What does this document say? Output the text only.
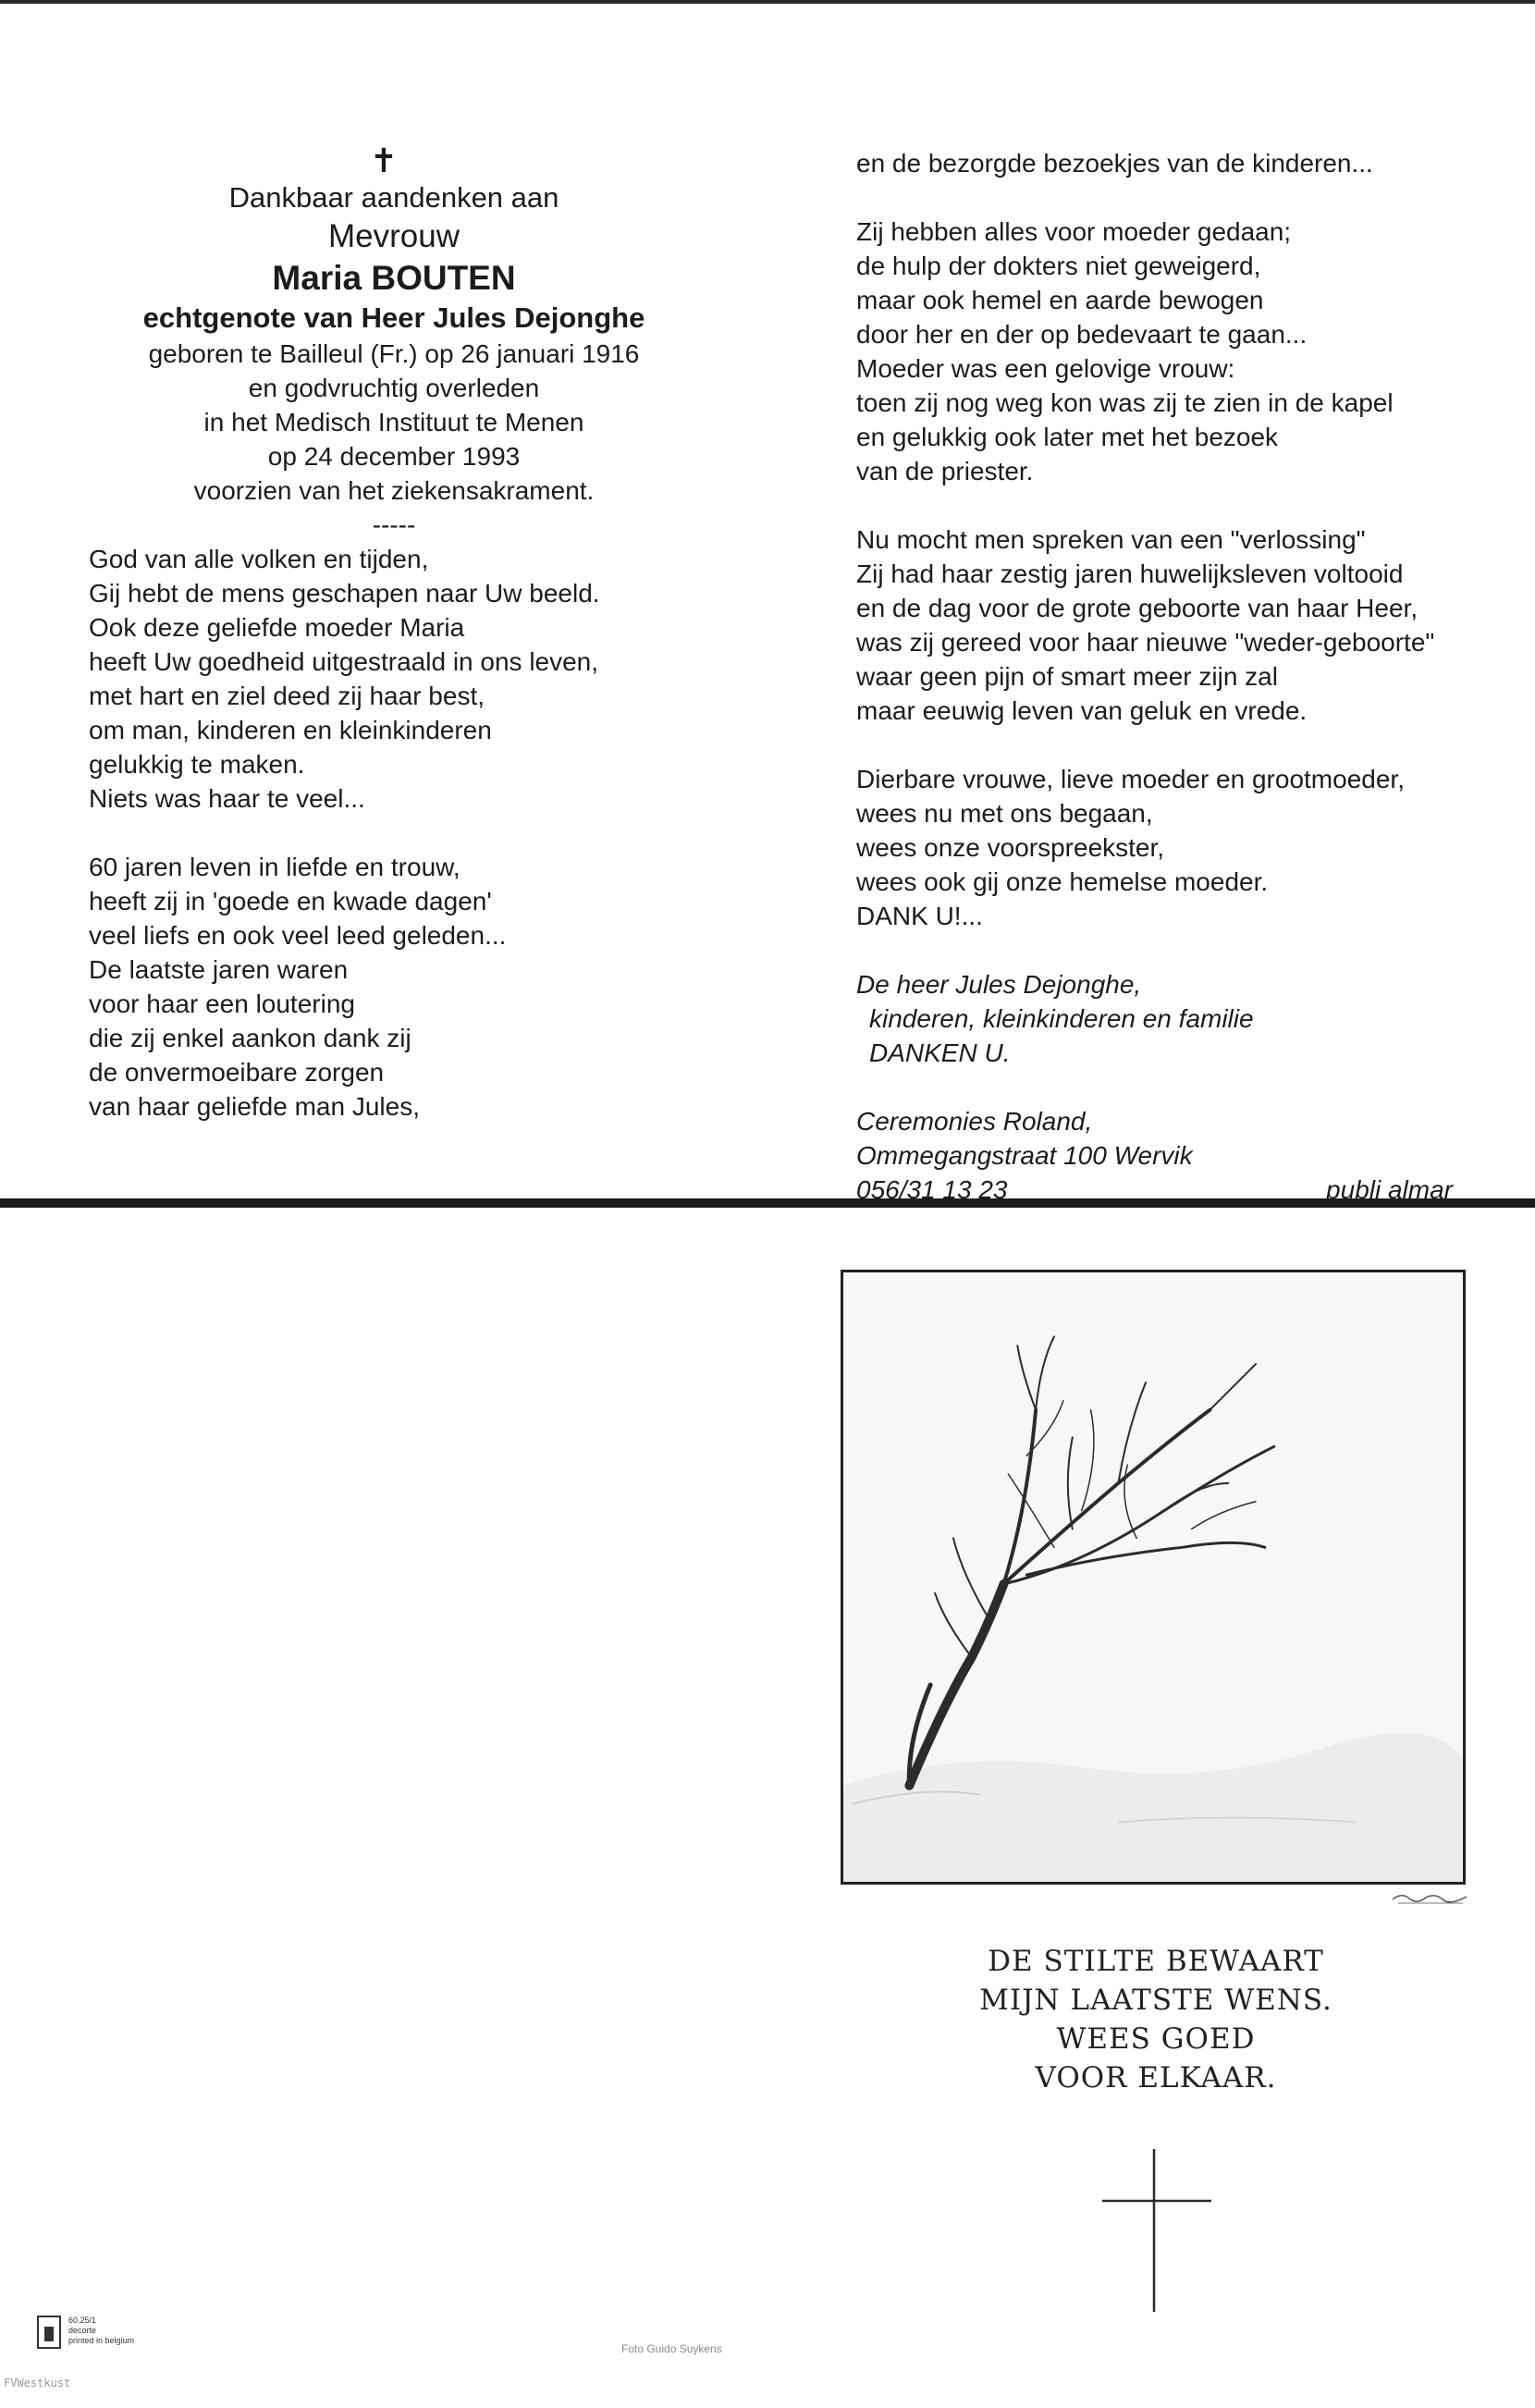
✝
Dankbaar aandenken aan
Mevrouw
Maria BOUTEN
echtgenote van Heer Jules Dejonghe
geboren te Bailleul (Fr.) op 26 januari 1916
en godvruchtig overleden
in het Medisch Instituut te Menen
op 24 december 1993
voorzien van het ziekensakrament.
-----
God van alle volken en tijden,
Gij hebt de mens geschapen naar Uw beeld.
Ook deze geliefde moeder Maria
heeft Uw goedheid uitgestraald in ons leven,
met hart en ziel deed zij haar best,
om man, kinderen en kleinkinderen
gelukkig te maken.
Niets was haar te veel...
60 jaren leven in liefde en trouw,
heeft zij in 'goede en kwade dagen'
veel liefs en ook veel leed geleden...
De laatste jaren waren
voor haar een loutering
die zij enkel aankon dank zij
de onvermoeibare zorgen
van haar geliefde man Jules,
en de bezorgde bezoekjes van de kinderen...
Zij hebben alles voor moeder gedaan;
de hulp der dokters niet geweigerd,
maar ook hemel en aarde bewogen
door her en der op bedevaart te gaan...
Moeder was een gelovige vrouw:
toen zij nog weg kon was zij te zien in de kapel
en gelukkig ook later met het bezoek
van de priester.
Nu mocht men spreken van een "verlossing"
Zij had haar zestig jaren huwelijksleven voltooid
en de dag voor de grote geboorte van haar Heer,
was zij gereed voor haar nieuwe "weder-geboorte"
waar geen pijn of smart meer zijn zal
maar eeuwig leven van geluk en vrede.
Dierbare vrouwe, lieve moeder en grootmoeder,
wees nu met ons begaan,
wees onze voorspreekster,
wees ook gij onze hemelse moeder.
DANK U!...
De heer Jules Dejonghe,
kinderen, kleinkinderen en familie
DANKEN U.
Ceremonies Roland,
Ommegangstraat 100 Wervik
056/31 13 23	publi almar
DE STILTE BEWAART
MIJN LAATSTE WENS.
WEES GOED
VOOR ELKAAR.
60.25/1
decorte
printed in belgium
Foto Guido Suykens
FVWestkust
